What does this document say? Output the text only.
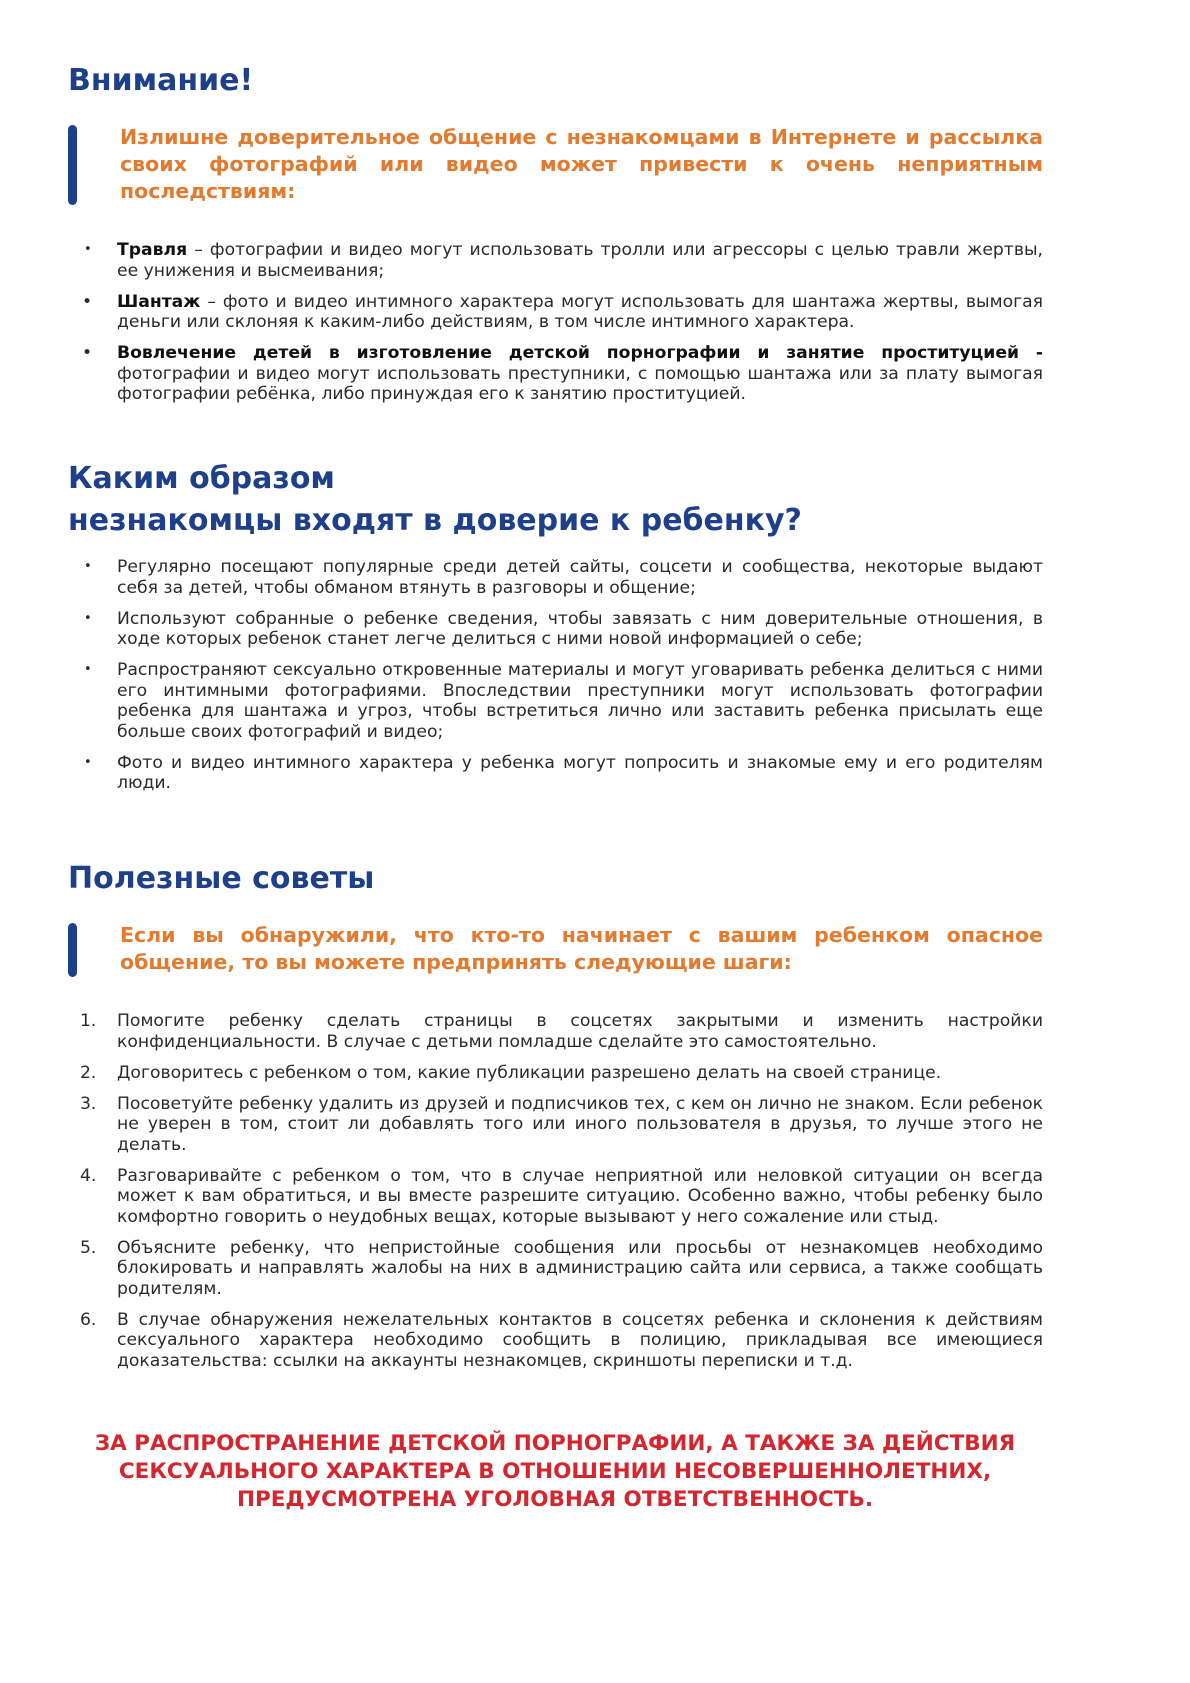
Внимание!
Излишне доверительное общение с незнакомцами в Интернете и рассылка своих фотографий или видео может привести к очень неприятным последствиям:
• Травля – фотографии и видео могут использовать тролли или агрессоры с целью травли жертвы, ее унижения и высмеивания;
• Шантаж – фото и видео интимного характера могут использовать для шантажа жертвы, вымогая деньги или склоняя к каким-либо действиям, в том числе интимного характера.
• Вовлечение детей в изготовление детской порнографии и занятие проституцией - фотографии и видео могут использовать преступники, с помощью шантажа или за плату вымогая фотографии ребёнка, либо принуждая его к занятию проституцией.
Каким образом
незнакомцы входят в доверие к ребенку?
• Регулярно посещают популярные среди детей сайты, соцсети и сообщества, некоторые выдают себя за детей, чтобы обманом втянуть в разговоры и общение;
• Используют собранные о ребенке сведения, чтобы завязать с ним доверительные отношения, в ходе которых ребенок станет легче делиться с ними новой информацией о себе;
• Распространяют сексуально откровенные материалы и могут уговаривать ребенка делиться с ними его интимными фотографиями. Впоследствии преступники могут использовать фотографии ребенка для шантажа и угроз, чтобы встретиться лично или заставить ребенка присылать еще больше своих фотографий и видео;
• Фото и видео интимного характера у ребенка могут попросить и знакомые ему и его родителям люди.
Полезные советы
Если вы обнаружили, что кто-то начинает с вашим ребенком опасное общение, то вы можете предпринять следующие шаги:
1. Помогите ребенку сделать страницы в соцсетях закрытыми и изменить настройки конфиденциальности. В случае с детьми помладше сделайте это самостоятельно.
2. Договоритесь с ребенком о том, какие публикации разрешено делать на своей странице.
3. Посоветуйте ребенку удалить из друзей и подписчиков тех, с кем он лично не знаком. Если ребенок не уверен в том, стоит ли добавлять того или иного пользователя в друзья, то лучше этого не делать.
4. Разговаривайте с ребенком о том, что в случае неприятной или неловкой ситуации он всегда может к вам обратиться, и вы вместе разрешите ситуацию. Особенно важно, чтобы ребенку было комфортно говорить о неудобных вещах, которые вызывают у него сожаление или стыд.
5. Объясните ребенку, что непристойные сообщения или просьбы от незнакомцев необходимо блокировать и направлять жалобы на них в администрацию сайта или сервиса, а также сообщать родителям.
6. В случае обнаружения нежелательных контактов в соцсетях ребенка и склонения к действиям сексуального характера необходимо сообщить в полицию, прикладывая все имеющиеся доказательства: ссылки на аккаунты незнакомцев, скриншоты переписки и т.д.
ЗА РАСПРОСТРАНЕНИЕ ДЕТСКОЙ ПОРНОГРАФИИ, А ТАКЖЕ ЗА ДЕЙСТВИЯ
СЕКСУАЛЬНОГО ХАРАКТЕРА В ОТНОШЕНИИ НЕСОВЕРШЕННОЛЕТНИХ,
ПРЕДУСМОТРЕНА УГОЛОВНАЯ ОТВЕТСТВЕННОСТЬ.
